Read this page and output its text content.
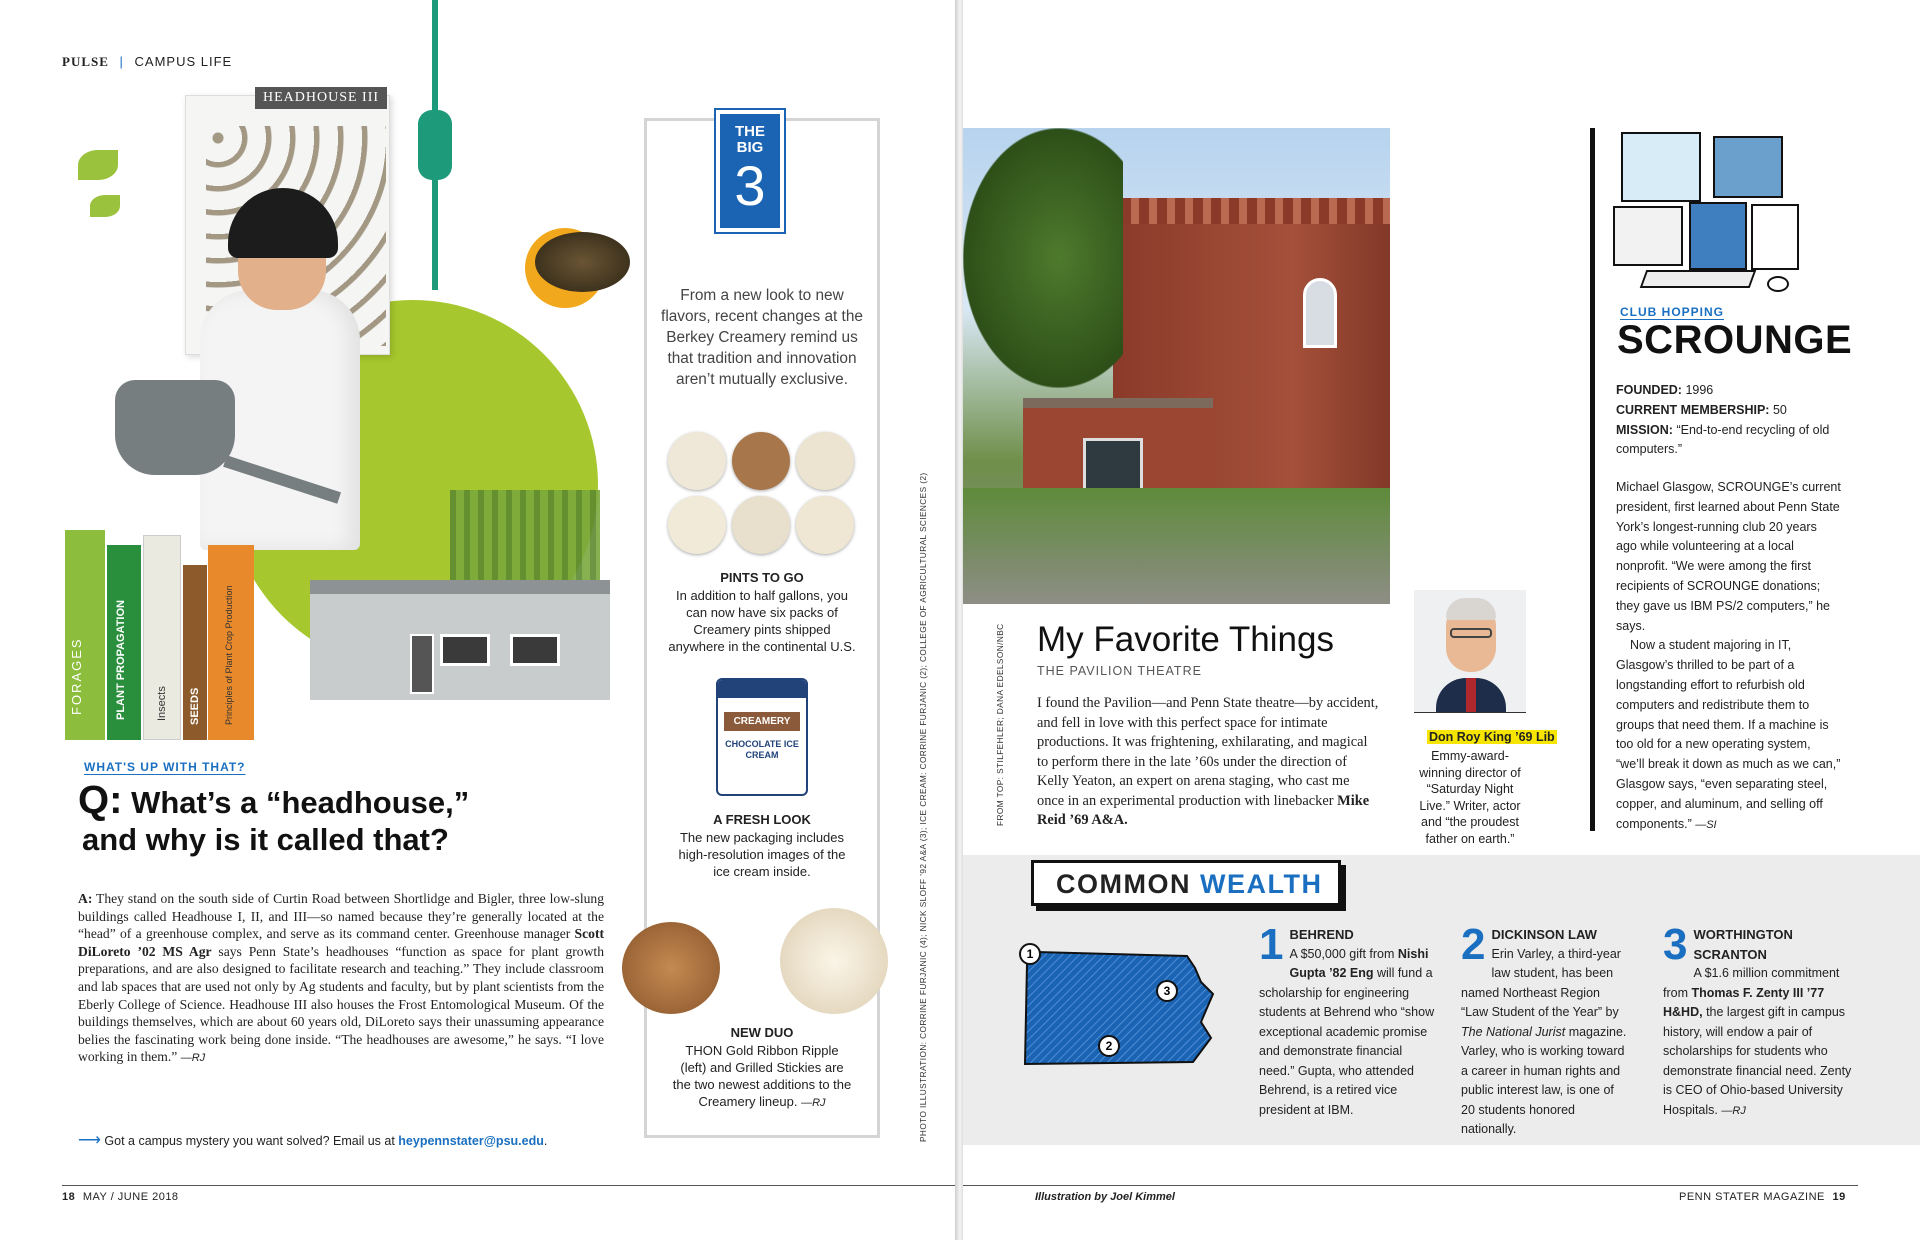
PULSE | CAMPUS LIFE
HEADHOUSE III
FORAGES	PLANT PROPAGATION	Insects SEEDS	Principles of Plant Crop Production
WHAT'S UP WITH THAT?
Q: What’s a “headhouse,”
and why is it called that?
A: They stand on the south side of Curtin Road between Shortlidge and Bigler, three low-slung buildings called Headhouse I, II, and III—so named because they’re generally located at the “head” of a greenhouse complex, and serve as its command center. Greenhouse manager Scott DiLoreto ’02 MS Agr says Penn State’s headhouses “function as space for plant growth preparations, and are also designed to facilitate research and teaching.” They include classroom and lab spaces that are used not only by Ag students and faculty, but by plant scientists from the Eberly College of Science. Headhouse III also houses the Frost Entomological Museum. Of the buildings themselves, which are about 60 years old, DiLoreto says their unassuming appearance belies the fascinating work being done inside. “The headhouses are awesome,” he says. “I love working in them.” —RJ
⟶ Got a campus mystery you want solved? Email us at heypennstater@psu.edu.
THE
BIG
3
From a new look to new flavors, recent changes at the Berkey Creamery remind us that tradition and innovation aren’t mutually exclusive.
PINTS TO GO
In addition to half gallons, you can now have six packs of Creamery pints shipped anywhere in the continental U.S.
CREAMERY
CHOCOLATE ICE CREAM
A FRESH LOOK
The new packaging includes high-resolution images of the ice cream inside.
NEW DUO
THON Gold Ribbon Ripple (left) and Grilled Stickies are the two newest additions to the Creamery lineup. —RJ	PHOTO ILLUSTRATION: CORRINE FURJANIC (4); NICK SLOFF ’92 A&A (3); ICE CREAM: CORRINE FURJANIC (2); COLLEGE OF AGRICULTURAL SCIENCES (2)
18 MAY / JUNE 2018
FROM TOP: STILFEHLER; DANA EDELSON/NBC My Favorite Things
THE PAVILION THEATRE
I found the Pavilion—and Penn State theatre—by accident, and fell in love with this perfect space for intimate productions. It was frightening, exhilarating, and magical to perform there in the late ’60s under the direction of Kelly Yeaton, an expert on arena staging, who cast me once in an experimental production with linebacker Mike Reid ’69 A&A.
Don Roy King ’69 Lib
Emmy-award-winning director of “Saturday Night Live.” Writer, actor and “the proudest father on earth.”
CLUB HOPPING
SCROUNGE
FOUNDED: 1996
CURRENT MEMBERSHIP: 50
MISSION: “End-to-end recycling of old computers.”

Michael Glasgow, SCROUNGE’s current president, first learned about Penn State York’s longest-running club 20 years ago while volunteering at a local nonprofit. “We were among the first recipients of SCROUNGE donations; they gave us IBM PS/2 computers,” he says.

Now a student majoring in IT, Glasgow’s thrilled to be part of a longstanding effort to refurbish old computers and redistribute them to groups that need them. If a machine is too old for a new operating system, “we’ll break it down as much as we can,” Glasgow says, “even separating steel, copper, and aluminum, and selling off components.” —SI

COMMON WEALTH
1
3
2
1 BEHREND
A $50,000 gift from Nishi Gupta ’82 Eng will fund a scholarship for engineering students at Behrend who “show exceptional academic promise and demonstrate financial need.” Gupta, who attended Behrend, is a retired vice president at IBM.
2 DICKINSON LAW
Erin Varley, a third-year law student, has been named Northeast Region “Law Student of the Year” by The National Jurist magazine. Varley, who is working toward a career in human rights and public interest law, is one of 20 students honored nationally.
3 WORTHINGTON SCRANTON
A $1.6 million commitment from Thomas F. Zenty III ’77 H&HD, the largest gift in campus history, will endow a pair of scholarships for students who demonstrate financial need. Zenty is CEO of Ohio-based University Hospitals. —RJ
Illustration by Joel Kimmel	PENN STATER MAGAZINE 19
